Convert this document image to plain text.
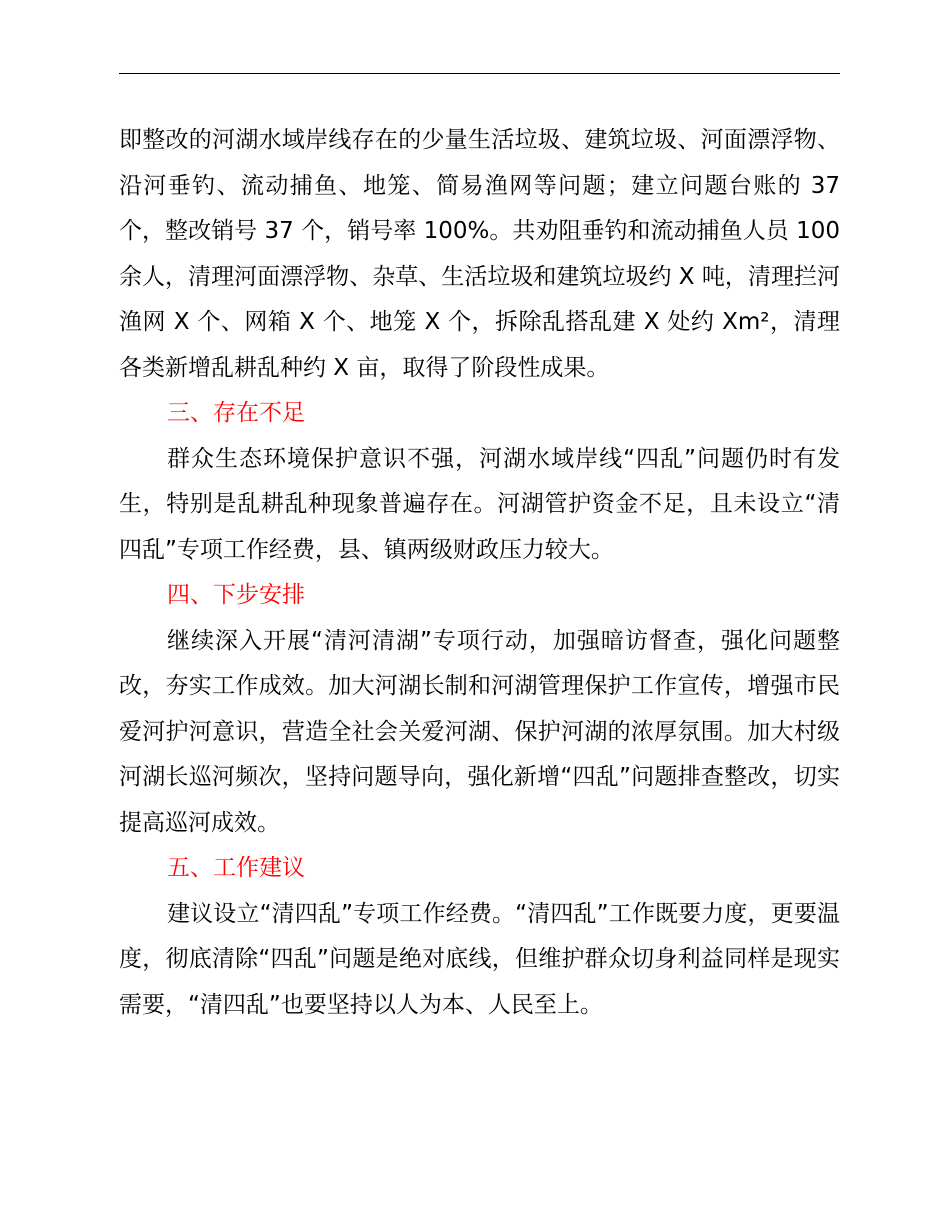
即整改的河湖水域岸线存在的少量生活垃圾、建筑垃圾、河面漂浮物、沿河垂钓、流动捕鱼、地笼、简易渔网等问题；建立问题台账的 37 个，整改销号 37 个，销号率 100%。共劝阻垂钓和流动捕鱼人员 100 余人，清理河面漂浮物、杂草、生活垃圾和建筑垃圾约 X 吨，清理拦河渔网 X 个、网箱 X 个、地笼 X 个，拆除乱搭乱建 X 处约 Xm²，清理各类新增乱耕乱种约 X 亩，取得了阶段性成果。

三、存在不足

群众生态环境保护意识不强，河湖水域岸线“四乱”问题仍时有发生，特别是乱耕乱种现象普遍存在。河湖管护资金不足，且未设立“清四乱”专项工作经费，县、镇两级财政压力较大。

四、下步安排

继续深入开展“清河清湖”专项行动，加强暗访督查，强化问题整改，夯实工作成效。加大河湖长制和河湖管理保护工作宣传，增强市民爱河护河意识，营造全社会关爱河湖、保护河湖的浓厚氛围。加大村级河湖长巡河频次，坚持问题导向，强化新增“四乱”问题排查整改，切实提高巡河成效。

五、工作建议

建议设立“清四乱”专项工作经费。“清四乱”工作既要力度，更要温度，彻底清除“四乱”问题是绝对底线，但维护群众切身利益同样是现实需要，“清四乱”也要坚持以人为本、人民至上。
